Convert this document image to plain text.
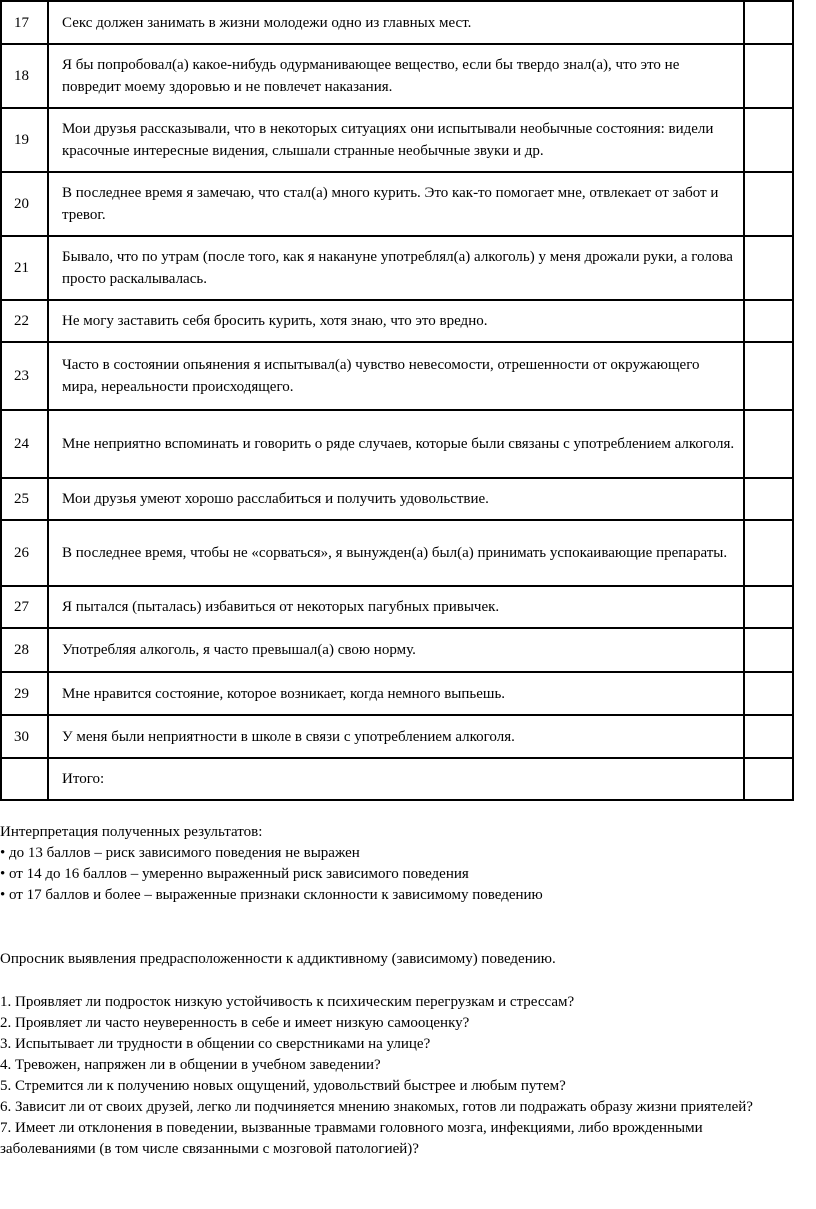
17	Секс должен занимать в жизни молодежи одно из главных мест.	
18	Я бы попробовал(а) какое-нибудь одурманивающее вещество, если бы твердо знал(а), что это не повредит моему здоровью и не повлечет наказания.	
19	Мои друзья рассказывали, что в некоторых ситуациях они испытывали необычные состояния: видели красочные интересные видения, слышали странные необычные звуки и др.	
20	В последнее время я замечаю, что стал(а) много курить. Это как-то помогает мне, отвлекает от забот и тревог.	
21	Бывало, что по утрам (после того, как я накануне употреблял(а) алкоголь) у меня дрожали руки, а голова просто раскалывалась.	
22	Не могу заставить себя бросить курить, хотя знаю, что это вредно.	
23	Часто в состоянии опьянения я испытывал(а) чувство невесомости, отрешенности от окружающего мира, нереальности происходящего.	
24	Мне неприятно вспоминать и говорить о ряде случаев, которые были связаны с употреблением алкоголя.	
25	Мои друзья умеют хорошо расслабиться и получить удовольствие.	
26	В последнее время, чтобы не «сорваться», я вынужден(а) был(а) принимать успокаивающие препараты.	
27	Я пытался (пыталась) избавиться от некоторых пагубных привычек.	
28	Употребляя алкоголь, я часто превышал(а) свою норму.	
29	Мне нравится состояние, которое возникает, когда немного выпьешь.	
30	У меня были неприятности в школе в связи с употреблением алкоголя.	
	Итого:	

Интерпретация полученных результатов:

• до 13 баллов – риск зависимого поведения не выражен

• от 14 до 16 баллов – умеренно выраженный риск зависимого поведения

• от 17 баллов и более – выраженные признаки склонности к зависимому поведению

Опросник выявления предрасположенности к аддиктивному (зависимому) поведению.

1. Проявляет ли подросток низкую устойчивость к психическим перегрузкам и стрессам?

2. Проявляет ли часто неуверенность в себе и имеет низкую самооценку?

3. Испытывает ли трудности в общении со сверстниками на улице?

4. Тревожен, напряжен ли в общении в учебном заведении?

5. Стремится ли к получению новых ощущений, удовольствий быстрее и любым путем?

6. Зависит ли от своих друзей, легко ли подчиняется мнению знакомых, готов ли подражать образу жизни приятелей?

7. Имеет ли отклонения в поведении, вызванные травмами головного мозга, инфекциями, либо врожденными заболеваниями (в том числе связанными с мозговой патологией)?
